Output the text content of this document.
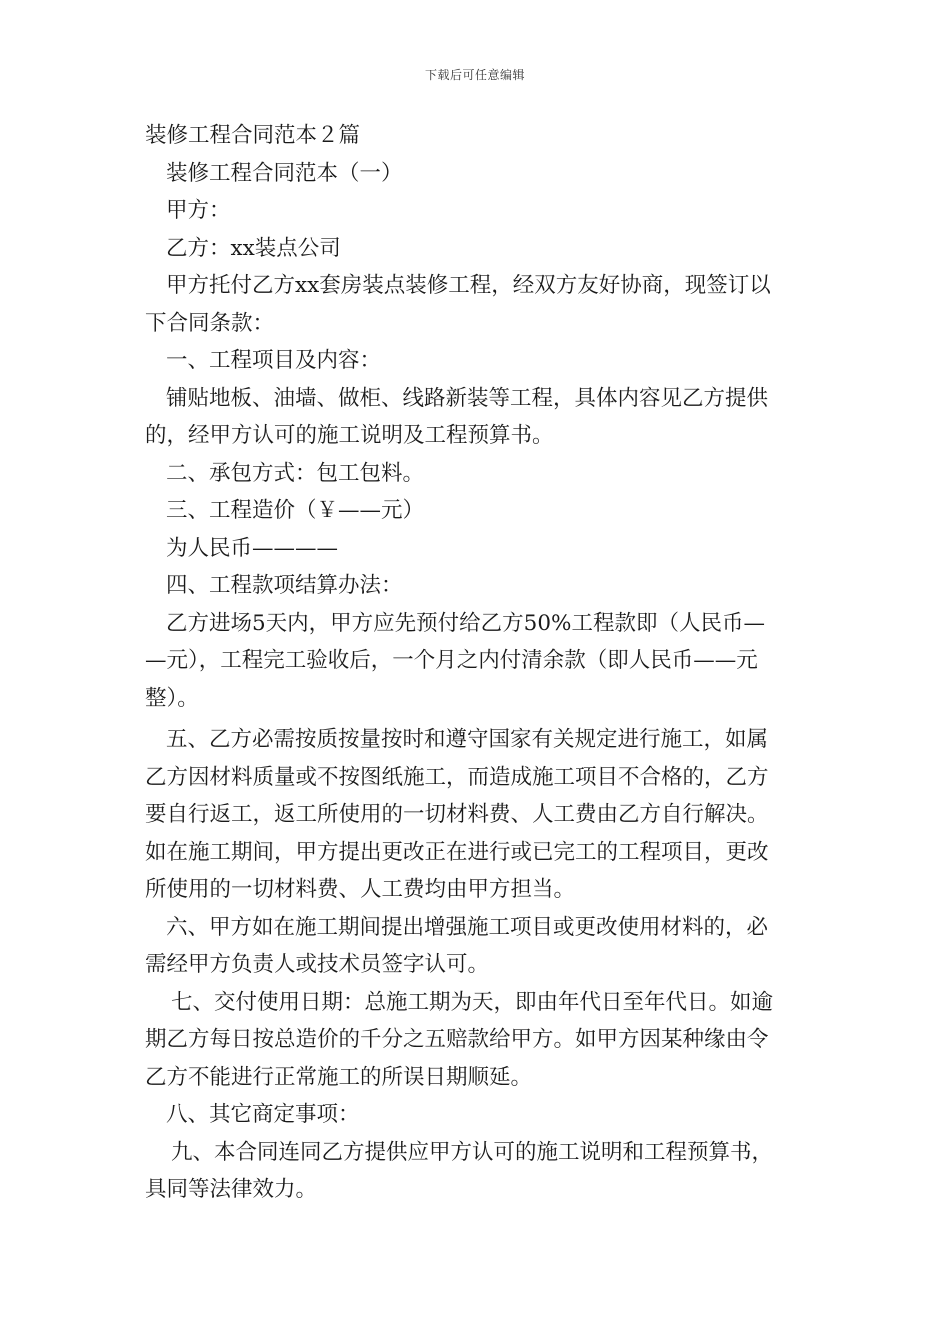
下载后可任意编辑
装修工程合同范本２篇
装修工程合同范本（一）
甲方：
乙方：xx装点公司
甲方托付乙方xx套房装点装修工程，经双方友好协商，现签订以
下合同条款：
一、工程项目及内容：
铺贴地板、油墙、做柜、线路新装等工程，具体内容见乙方提供
的，经甲方认可的施工说明及工程预算书。
二、承包方式：包工包料。
三、工程造价（￥——元）
为人民币————
四、工程款项结算办法：
乙方进场5天内，甲方应先预付给乙方50%工程款即（人民币—
—元），工程完工验收后，一个月之内付清余款（即人民币——元
整）。
五、乙方必需按质按量按时和遵守国家有关规定进行施工，如属
乙方因材料质量或不按图纸施工，而造成施工项目不合格的，乙方
要自行返工，返工所使用的一切材料费、人工费由乙方自行解决。
如在施工期间，甲方提出更改正在进行或已完工的工程项目，更改
所使用的一切材料费、人工费均由甲方担当。
六、甲方如在施工期间提出增强施工项目或更改使用材料的，必
需经甲方负责人或技术员签字认可。
七、交付使用日期：总施工期为天，即由年代日至年代日。如逾
期乙方每日按总造价的千分之五赔款给甲方。如甲方因某种缘由令
乙方不能进行正常施工的所误日期顺延。
八、其它商定事项：
九、本合同连同乙方提供应甲方认可的施工说明和工程预算书，
具同等法律效力。
